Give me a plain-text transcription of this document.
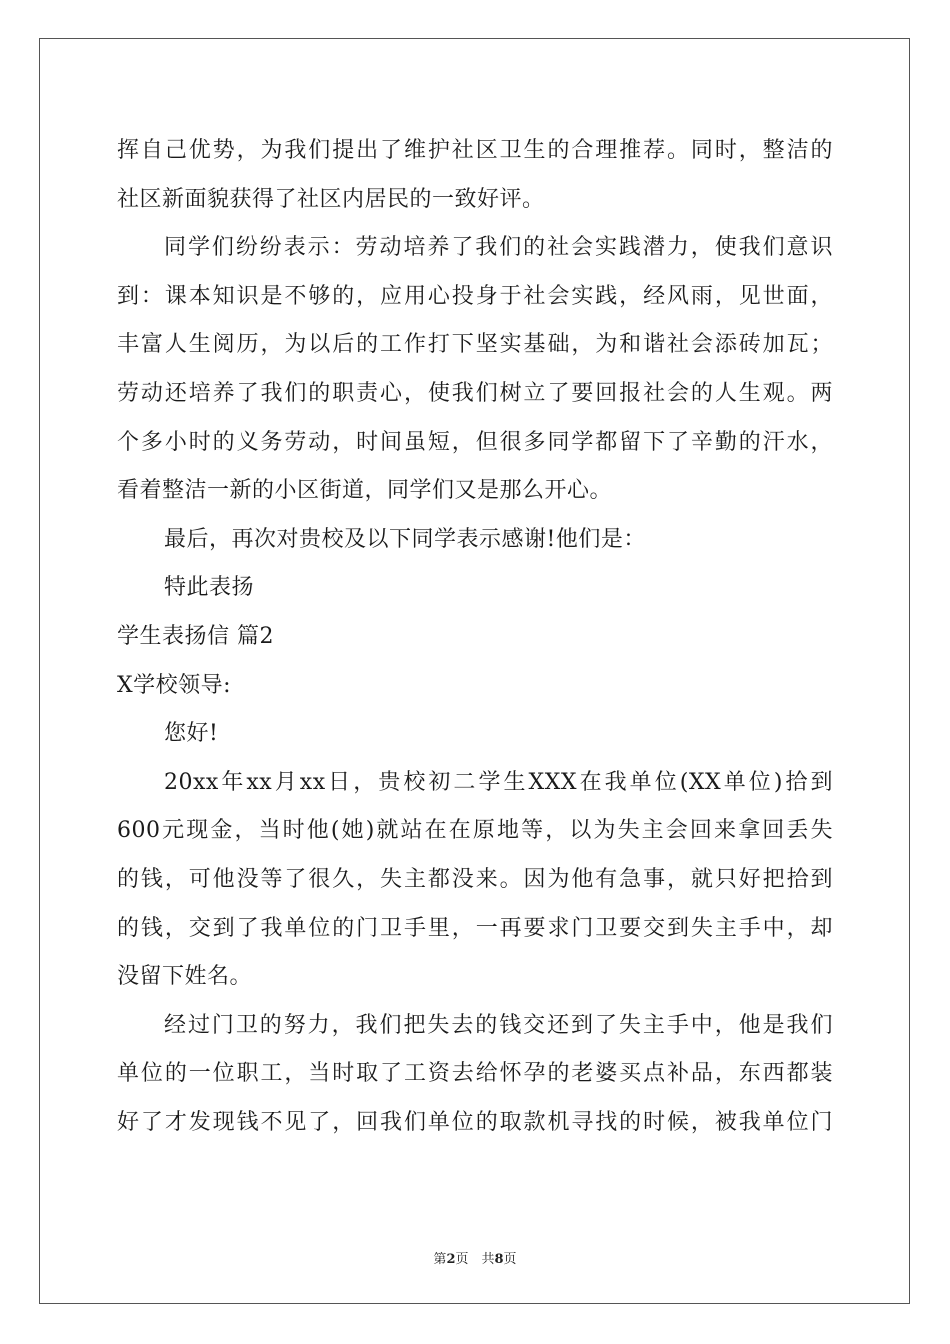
挥自己优势，为我们提出了维护社区卫生的合理推荐。同时，整洁的
社区新面貌获得了社区内居民的一致好评。
同学们纷纷表示：劳动培养了我们的社会实践潜力，使我们意识
到：课本知识是不够的，应用心投身于社会实践，经风雨，见世面，
丰富人生阅历，为以后的工作打下坚实基础，为和谐社会添砖加瓦；
劳动还培养了我们的职责心，使我们树立了要回报社会的人生观。两
个多小时的义务劳动，时间虽短，但很多同学都留下了辛勤的汗水，
看着整洁一新的小区街道，同学们又是那么开心。
最后，再次对贵校及以下同学表示感谢!他们是：
特此表扬
学生表扬信 篇2
X学校领导:
您好!
20xx年xx月xx日，贵校初二学生XXX在我单位(XX单位)拾到
600元现金，当时他(她)就站在在原地等，以为失主会回来拿回丢失
的钱，可他没等了很久，失主都没来。因为他有急事，就只好把拾到
的钱，交到了我单位的门卫手里，一再要求门卫要交到失主手中，却
没留下姓名。
经过门卫的努力，我们把失去的钱交还到了失主手中，他是我们
单位的一位职工，当时取了工资去给怀孕的老婆买点补品，东西都装
好了才发现钱不见了，回我们单位的取款机寻找的时候，被我单位门
第2页　共8页
